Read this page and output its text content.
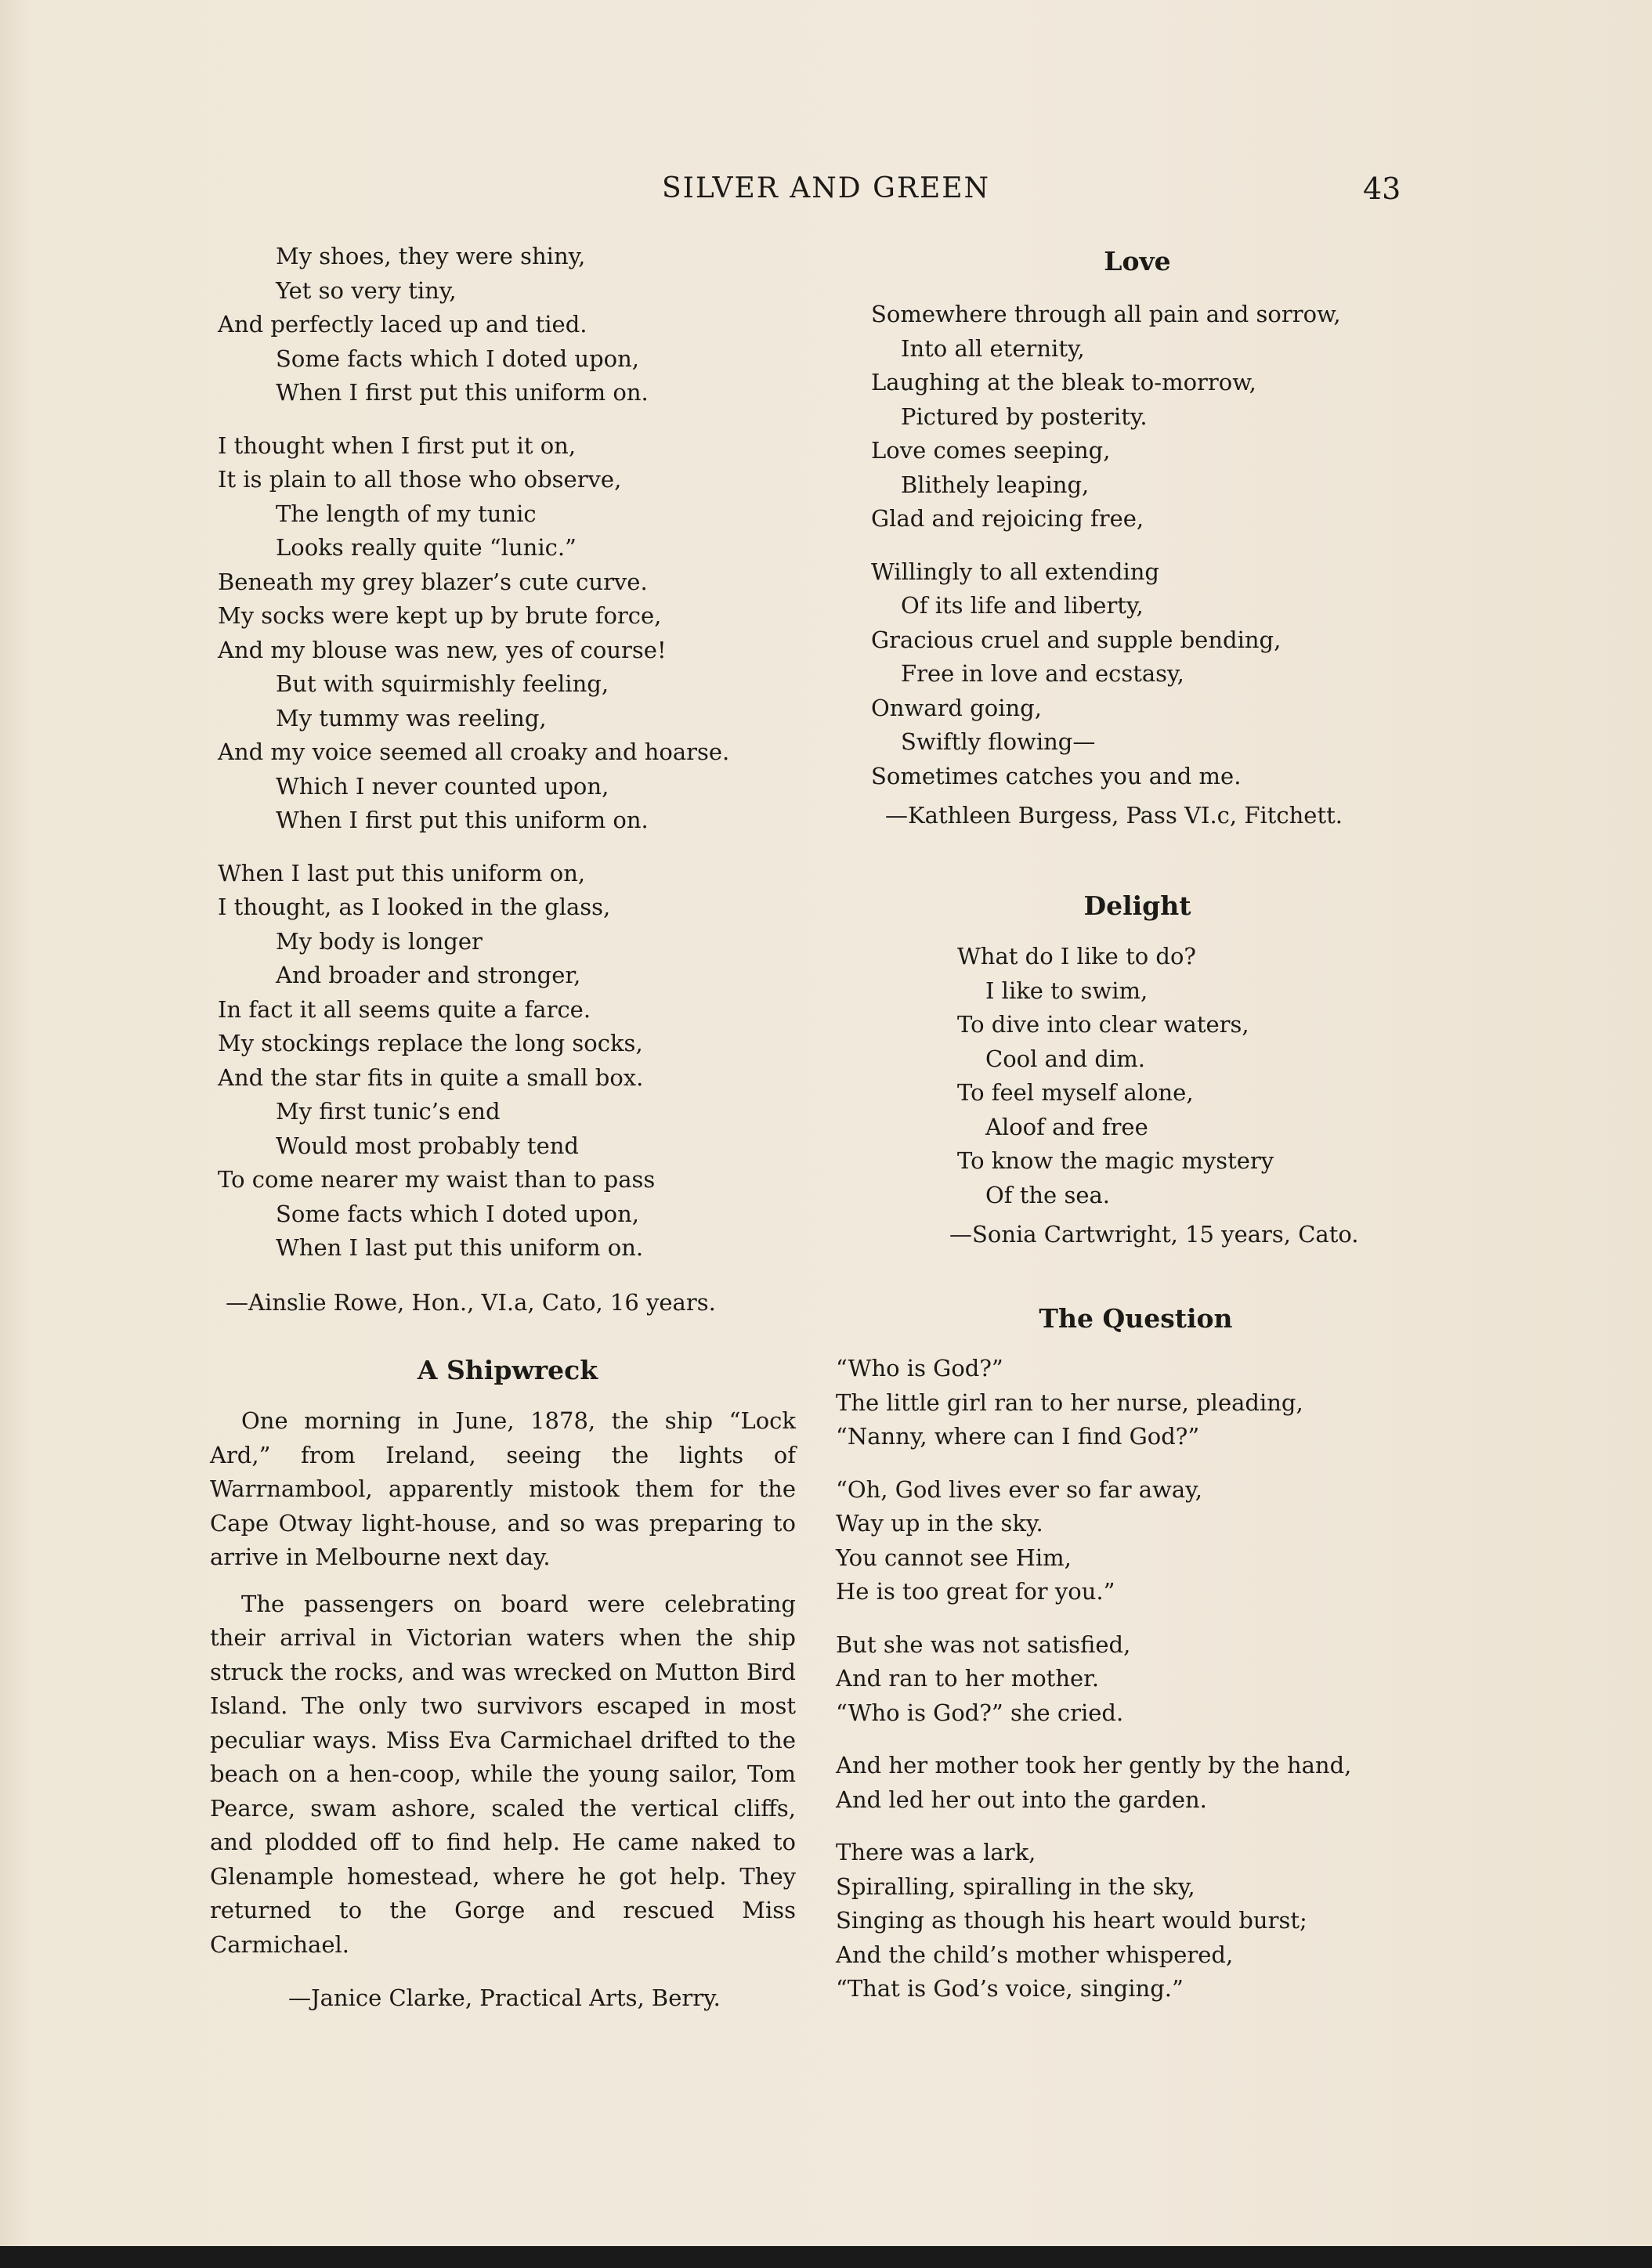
SILVER AND GREEN	43
My shoes, they were shiny,
Yet so very tiny,
And perfectly laced up and tied.
Some facts which I doted upon,
When I first put this uniform on.
I thought when I first put it on,
It is plain to all those who observe,
The length of my tunic
Looks really quite “lunic.”
Beneath my grey blazer’s cute curve.
My socks were kept up by brute force,
And my blouse was new, yes of course!
But with squirmishly feeling,
My tummy was reeling,
And my voice seemed all croaky and hoarse.
Which I never counted upon,
When I first put this uniform on.
When I last put this uniform on,
I thought, as I looked in the glass,
My body is longer
And broader and stronger,
In fact it all seems quite a farce.
My stockings replace the long socks,
And the star fits in quite a small box.
My first tunic’s end
Would most probably tend
To come nearer my waist than to pass
Some facts which I doted upon,
When I last put this uniform on.
—Ainslie Rowe, Hon., VI.a, Cato, 16 years.
A Shipwreck

One morning in June, 1878, the ship “Lock Ard,” from Ireland, seeing the lights of Warrnambool, apparently mistook them for the Cape Otway light-house, and so was preparing to arrive in Melbourne next day.

The passengers on board were celebrating their arrival in Victorian waters when the ship struck the rocks, and was wrecked on Mutton Bird Island. The only two survivors escaped in most peculiar ways. Miss Eva Carmichael drifted to the beach on a hen-coop, while the young sailor, Tom Pearce, swam ashore, scaled the vertical cliffs, and plodded off to find help. He came naked to Glenample homestead, where he got help. They returned to the Gorge and rescued Miss Carmichael.

—Janice Clarke, Practical Arts, Berry.
Love
Somewhere through all pain and sorrow,
Into all eternity,
Laughing at the bleak to-morrow,
Pictured by posterity.
Love comes seeping,
Blithely leaping,
Glad and rejoicing free,
Willingly to all extending
Of its life and liberty,
Gracious cruel and supple bending,
Free in love and ecstasy,
Onward going,
Swiftly flowing—
Sometimes catches you and me.
—Kathleen Burgess, Pass VI.c, Fitchett.
Delight
What do I like to do?
I like to swim,
To dive into clear waters,
Cool and dim.
To feel myself alone,
Aloof and free
To know the magic mystery
Of the sea.
—Sonia Cartwright, 15 years, Cato.
The Question
“Who is God?”
The little girl ran to her nurse, pleading,
“Nanny, where can I find God?”
“Oh, God lives ever so far away,
Way up in the sky.
You cannot see Him,
He is too great for you.”
But she was not satisfied,
And ran to her mother.
“Who is God?” she cried.
And her mother took her gently by the hand,
And led her out into the garden.
There was a lark,
Spiralling, spiralling in the sky,
Singing as though his heart would burst;
And the child’s mother whispered,
“That is God’s voice, singing.”
